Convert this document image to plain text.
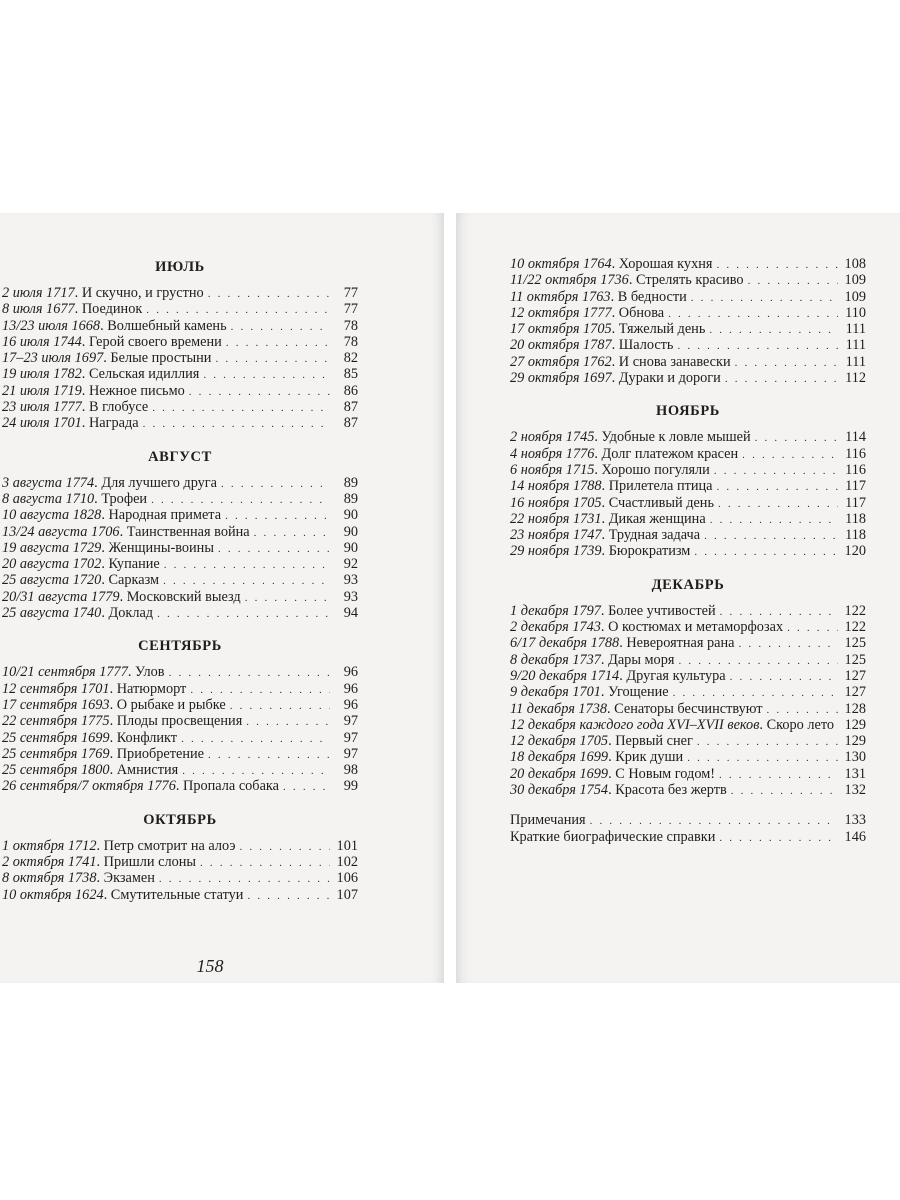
ИЮЛЬ
2 июля 1717 . И скучно, и грустно . . .	77
8 июля 1677 . Поединок . . .	77
13/23 июля 1668 . Волшебный камень . . .	78
16 июля 1744 . Герой своего времени . . .	78
17–23 июля 1697 . Белые простыни . . .	82
19 июля 1782 . Сельская идиллия . . .	85
21 июля 1719 . Нежное письмо . . .	86
23 июля 1777 . В глобусе . . .	87
24 июля 1701 . Награда . . .	87
АВГУСТ
3 августа 1774 . Для лучшего друга . . .	89
8 августа 1710 . Трофеи . . .	89
10 августа 1828 . Народная примета . . .	90
13/24 августа 1706 . Таинственная война . . .	90
19 августа 1729 . Женщины-воины . . .	90
20 августа 1702 . Купание . . .	92
25 августа 1720 . Сарказм . . .	93
20/31 августа 1779 . Московский выезд . . .	93
25 августа 1740 . Доклад . . .	94
СЕНТЯБРЬ
10/21 сентября 1777 . Улов . . .	96
12 сентября 1701 . Натюрморт . . .	96
17 сентября 1693 . О рыбаке и рыбке . . .	96
22 сентября 1775 . Плоды просвещения . . .	97
25 сентября 1699 . Конфликт . . .	97
25 сентября 1769 . Приобретение . . .	97
25 сентября 1800 . Амнистия . . .	98
26 сентября/7 октября 1776 . Пропала собака . . .	99
ОКТЯБРЬ
1 октября 1712 . Петр смотрит на алоэ . . .	101
2 октября 1741 . Пришли слоны . . .	102
8 октября 1738 . Экзамен . . .	106
10 октября 1624 . Смутительные статуи . . .	107
10 октября 1764 . Хорошая кухня . . .	108
11/22 октября 1736 . Стрелять красиво . . .	109
11 октября 1763 . В бедности . . .	109
12 октября 1777 . Обнова . . .	110
17 октября 1705 . Тяжелый день . . .	111
20 октября 1787 . Шалость . . .	111
27 октября 1762 . И снова занавески . . .	111
29 октября 1697 . Дураки и дороги . . .	112
НОЯБРЬ
2 ноября 1745 . Удобные к ловле мышей . . .	114
4 ноября 1776 . Долг платежом красен . . .	116
6 ноября 1715 . Хорошо погуляли . . .	116
14 ноября 1788 . Прилетела птица . . .	117
16 ноября 1705 . Счастливый день . . .	117
22 ноября 1731 . Дикая женщина . . .	118
23 ноября 1747 . Трудная задача . . .	118
29 ноября 1739 . Бюрократизм . . .	120
ДЕКАБРЬ
1 декабря 1797 . Более учтивостей . . .	122
2 декабря 1743 . О костюмах и метаморфозах . . .	122
6/17 декабря 1788 . Невероятная рана . . .	125
8 декабря 1737 . Дары моря . . .	125
9/20 декабря 1714 . Другая культура . . .	127
9 декабря 1701 . Угощение . . .	127
11 декабря 1738 . Сенаторы бесчинствуют . . .	128
12 декабря каждого года XVI–XVII веков . Скоро лето 129
12 декабря 1705 . Первый снег . . .	129
18 декабря 1699 . Крик души . . .	130
20 декабря 1699 . С Новым годом! . . .	131
30 декабря 1754 . Красота без жертв . . .	132
Примечания . . .	133
Краткие биографические справки . . .	146
158
